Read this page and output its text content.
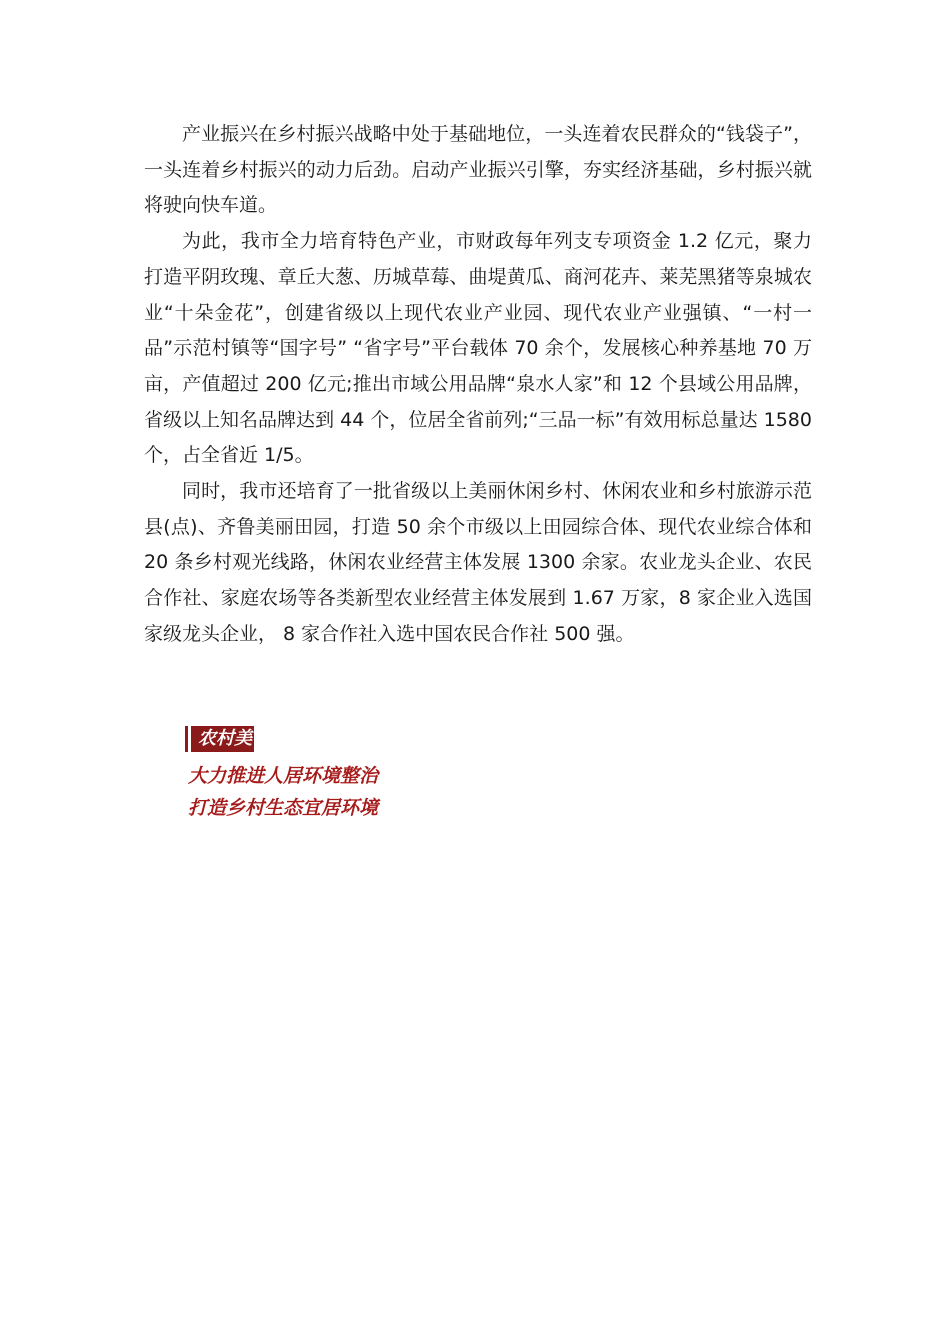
产业振兴在乡村振兴战略中处于基础地位，一头连着农民群众的“钱袋子”，一头连着乡村振兴的动力后劲。启动产业振兴引擎，夯实经济基础，乡村振兴就将驶向快车道。

为此，我市全力培育特色产业，市财政每年列支专项资金 1.2 亿元，聚力打造平阴玫瑰、章丘大葱、历城草莓、曲堤黄瓜、商河花卉、莱芜黑猪等泉城农业“十朵金花”，创建省级以上现代农业产业园、现代农业产业强镇、“一村一品”示范村镇等“国字号” “省字号”平台载体 70 余个，发展核心种养基地 70 万亩，产值超过 200 亿元;推出市域公用品牌“泉水人家”和 12 个县域公用品牌， 省级以上知名品牌达到 44 个，位居全省前列;“三品一标”有效用标总量达 1580 个，占全省近 1/5。

同时，我市还培育了一批省级以上美丽休闲乡村、休闲农业和乡村旅游示范县(点)、齐鲁美丽田园，打造 50 余个市级以上田园综合体、现代农业综合体和 20 条乡村观光线路，休闲农业经营主体发展 1300 余家。农业龙头企业、农民合作社、家庭农场等各类新型农业经营主体发展到 1.67 万家，8 家企业入选国家级龙头企业， 8 家合作社入选中国农民合作社 500 强。

农村美

大力推进人居环境整治

打造乡村生态宜居环境
